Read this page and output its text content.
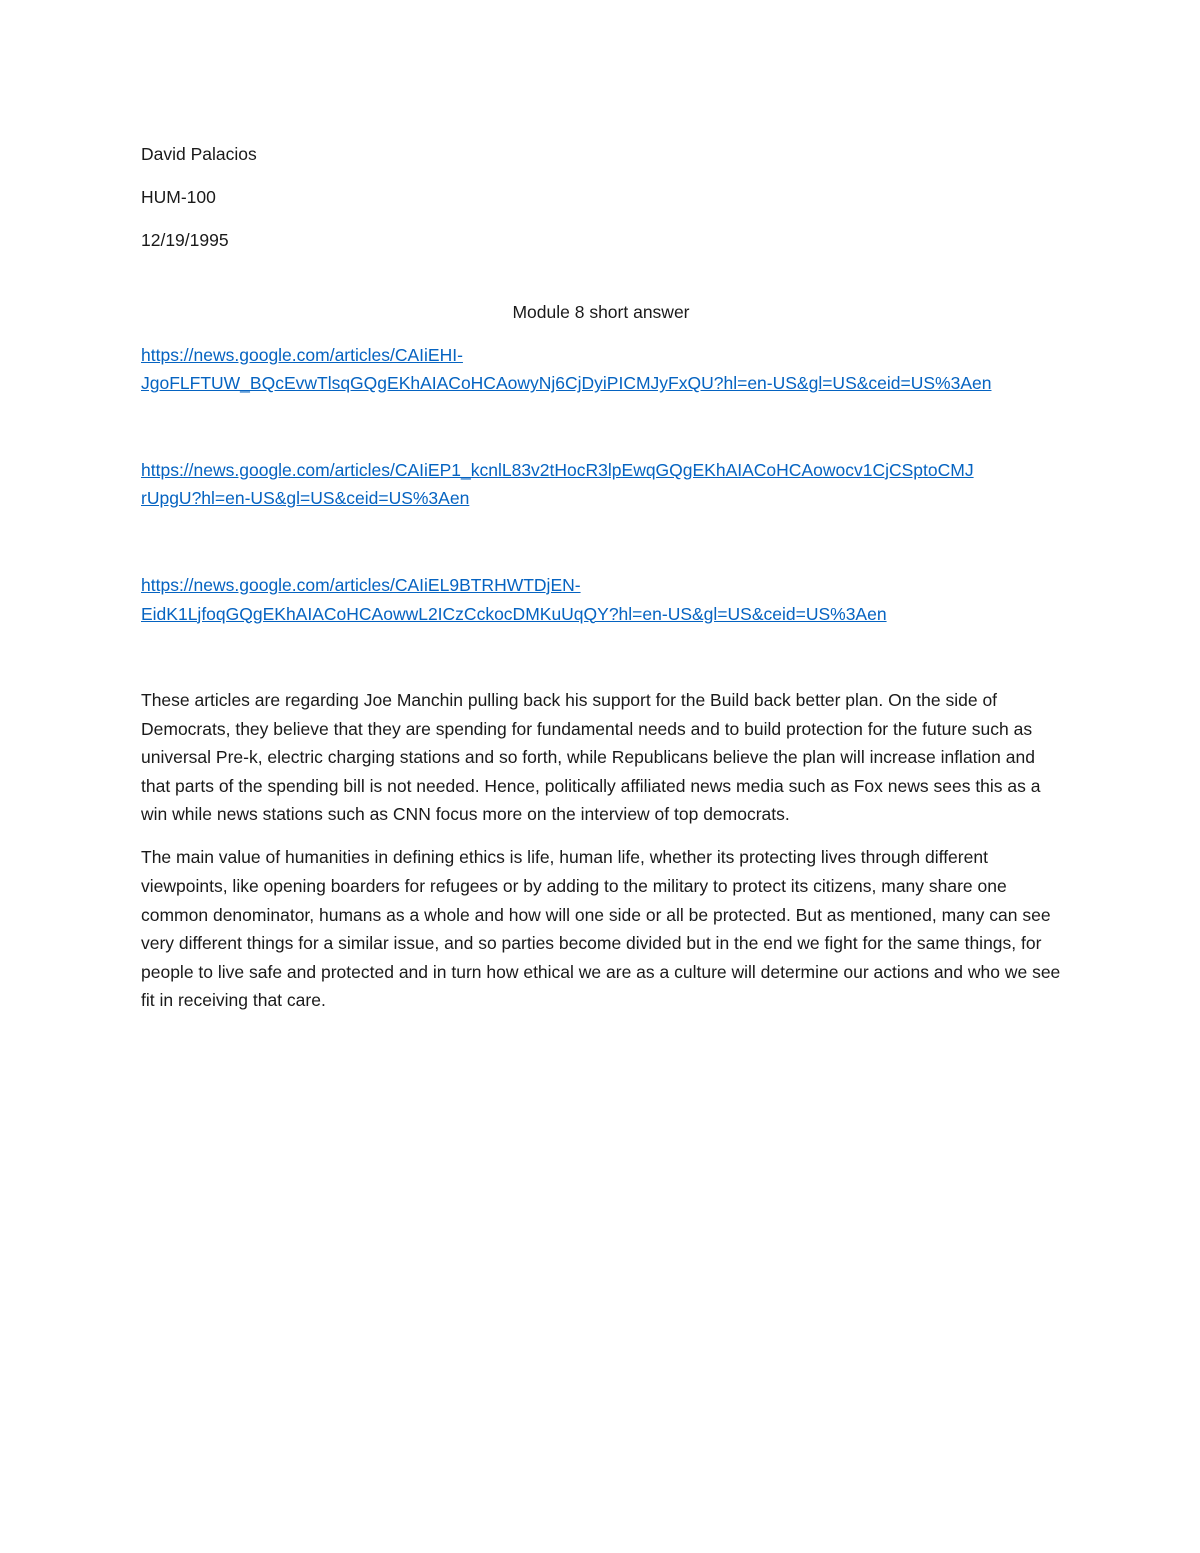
David Palacios

HUM-100

12/19/1995

Module 8 short answer

https://news.google.com/articles/CAIiEHI-
JgoFLFTUW_BQcEvwTlsqGQgEKhAIACoHCAowyNj6CjDyiPICMJyFxQU?hl=en-US&gl=US&ceid=US%3Aen
https://news.google.com/articles/CAIiEP1_kcnlL83v2tHocR3lpEwqGQgEKhAIACoHCAowocv1CjCSptoCMJ
rUpgU?hl=en-US&gl=US&ceid=US%3Aen
https://news.google.com/articles/CAIiEL9BTRHWTDjEN-
EidK1LjfoqGQgEKhAIACoHCAowwL2ICzCckocDMKuUqQY?hl=en-US&gl=US&ceid=US%3Aen

These articles are regarding Joe Manchin pulling back his support for the Build back better plan. On the side of Democrats, they believe that they are spending for fundamental needs and to build protection for the future such as universal Pre-k, electric charging stations and so forth, while Republicans believe the plan will increase inflation and that parts of the spending bill is not needed. Hence, politically affiliated news media such as Fox news sees this as a win while news stations such as CNN focus more on the interview of top democrats.

The main value of humanities in defining ethics is life, human life, whether its protecting lives through different viewpoints, like opening boarders for refugees or by adding to the military to protect its citizens, many share one common denominator, humans as a whole and how will one side or all be protected. But as mentioned, many can see very different things for a similar issue, and so parties become divided but in the end we fight for the same things, for people to live safe and protected and in turn how ethical we are as a culture will determine our actions and who we see fit in receiving that care.
